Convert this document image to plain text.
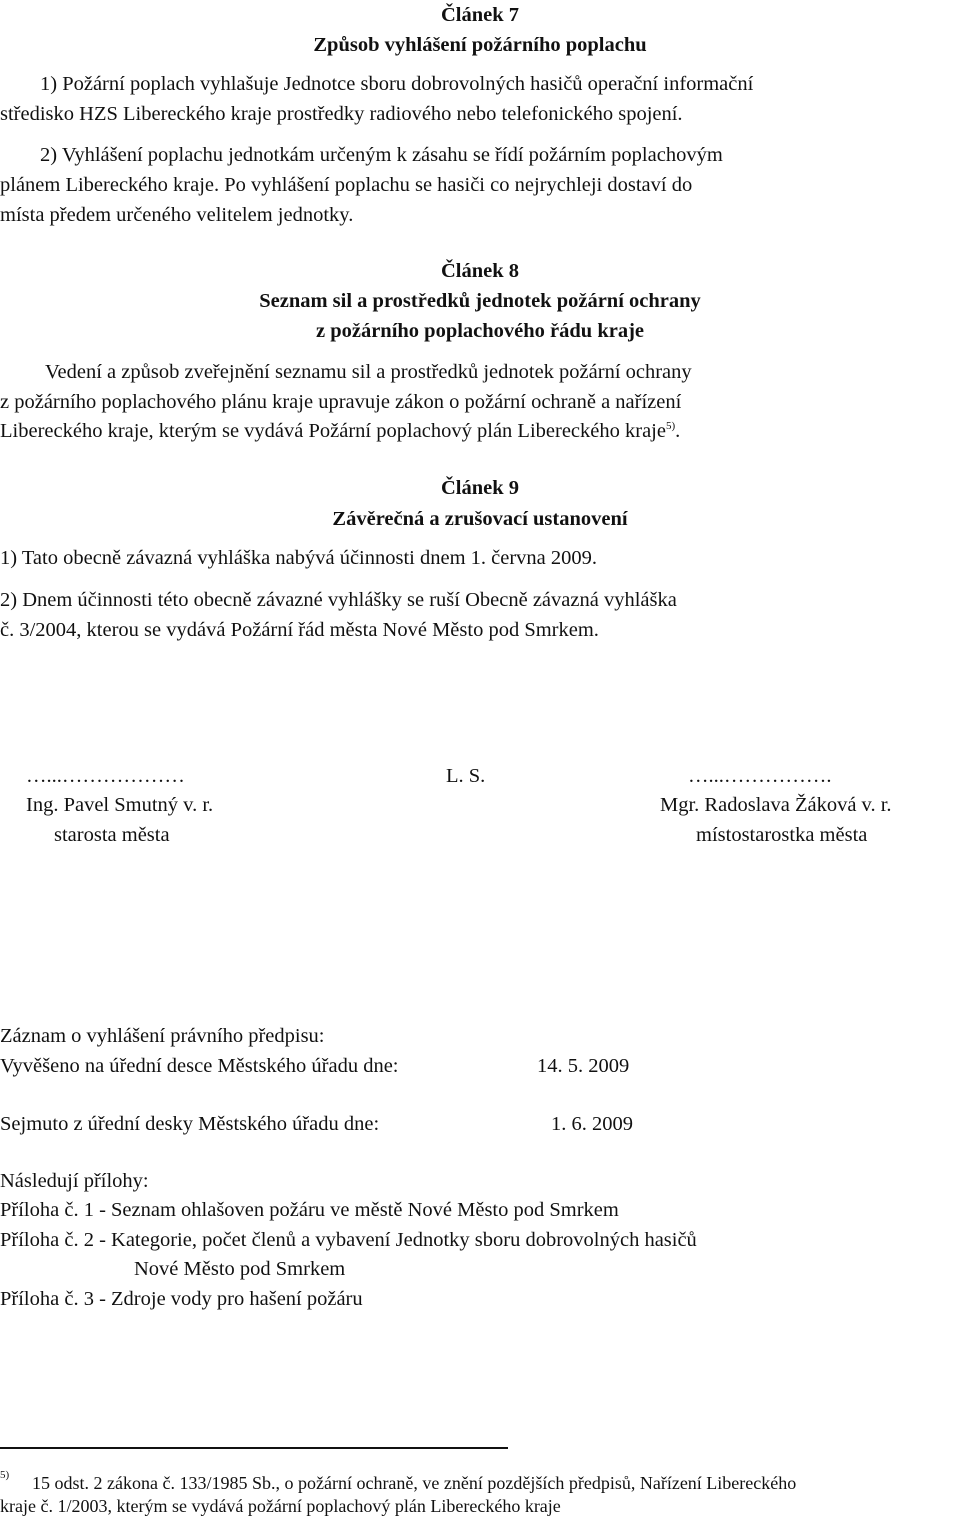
Článek 7
Způsob vyhlášení požárního poplachu
1) Požární poplach vyhlašuje Jednotce sboru dobrovolných hasičů operační informační
středisko HZS Libereckého kraje prostředky radiového nebo telefonického spojení.
2) Vyhlášení poplachu jednotkám určeným k zásahu se řídí požárním poplachovým
plánem Libereckého kraje. Po vyhlášení poplachu se hasiči co nejrychleji dostaví do
místa předem určeného velitelem jednotky.
Článek 8
Seznam sil a prostředků jednotek požární ochrany
z požárního poplachového řádu kraje
Vedení a způsob zveřejnění seznamu sil a prostředků jednotek požární ochrany
z požárního poplachového plánu kraje upravuje zákon o požární ochraně a nařízení
Libereckého kraje, kterým se vydává Požární poplachový plán Libereckého kraje$^{5)}$.
Článek 9
Závěrečná a zrušovací ustanovení
1) Tato obecně závazná vyhláška nabývá účinnosti dnem 1. června 2009.
2) Dnem účinnosti této obecně závazné vyhlášky se ruší Obecně závazná vyhláška
č. 3/2004, kterou se vydává Požární řád města Nové Město pod Smrkem.
…...………………
Ing. Pavel Smutný v. r.
starosta města
L. S.	…...…………….
Mgr. Radoslava Žáková v. r.
místostarostka města
Záznam o vyhlášení právního předpisu:
Vyvěšeno na úřední desce Městského úřadu dne:	14. 5. 2009
Sejmuto z úřední desky Městského úřadu dne:	1. 6. 2009
Následují přílohy:
Příloha č. 1 - Seznam ohlašoven požáru ve městě Nové Město pod Smrkem
Příloha č. 2 - Kategorie, počet členů a vybavení Jednotky sboru dobrovolných hasičů
Nové Město pod Smrkem
Příloha č. 3 - Zdroje vody pro hašení požáru
5) 15 odst. 2 zákona č. 133/1985 Sb., o požární ochraně, ve znění pozdějších předpisů, Nařízení Libereckého
kraje č. 1/2003, kterým se vydává požární poplachový plán Libereckého kraje
